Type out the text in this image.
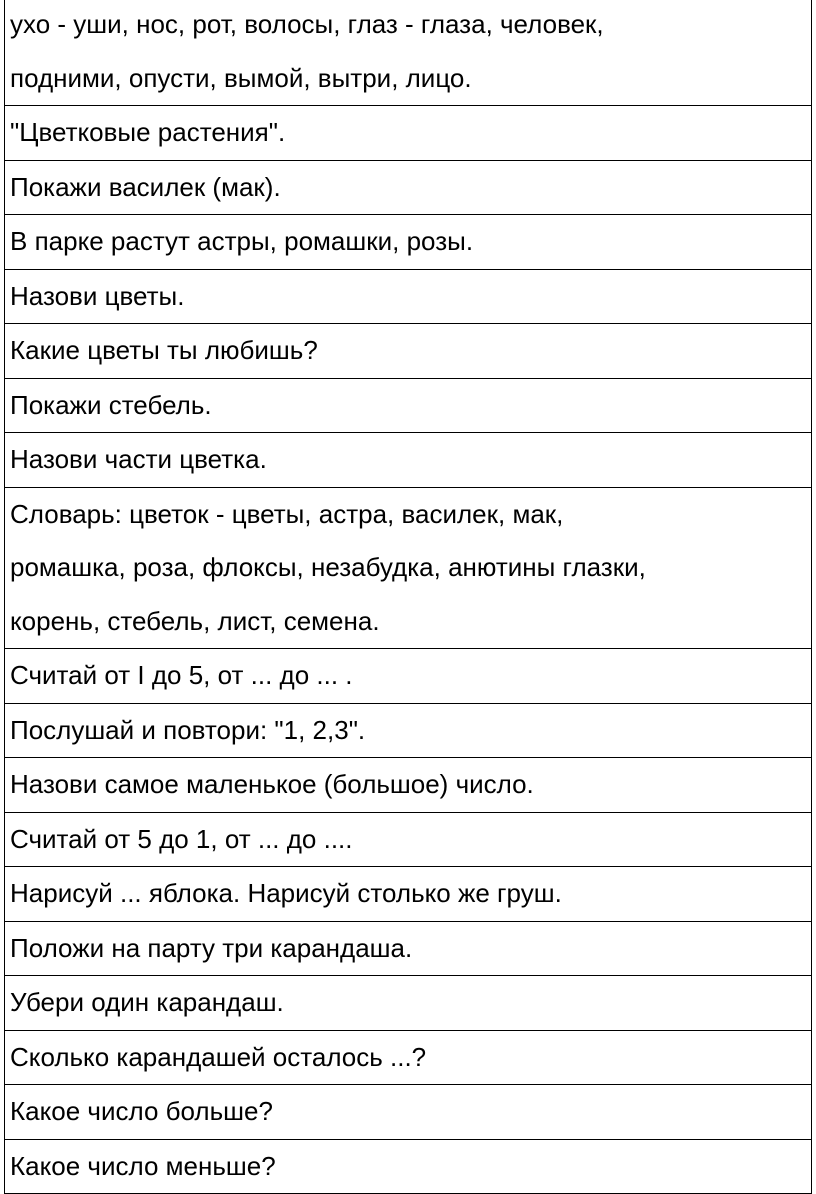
ухо - уши, нос, рот, волосы, глаз - глаза, человек,
подними, опусти, вымой, вытри, лицо.

"Цветковые растения".

Покажи василек (мак).

В парке растут астры, ромашки, розы.

Назови цветы.

Какие цветы ты любишь?

Покажи стебель.

Назови части цветка.

Словарь: цветок - цветы, астра, василек, мак,
ромашка, роза, флоксы, незабудка, анютины глазки,
корень, стебель, лист, семена.

Считай от I до 5, от ... до ... .

Послушай и повтори: "1, 2,3".

Назови самое маленькое (большое) число.

Считай от 5 до 1, от ... до ....

Нарисуй ... яблока. Нарисуй столько же груш.

Положи на парту три карандаша.

Убери один карандаш.

Сколько карандашей осталось ...?

Какое число больше?

Какое число меньше?
